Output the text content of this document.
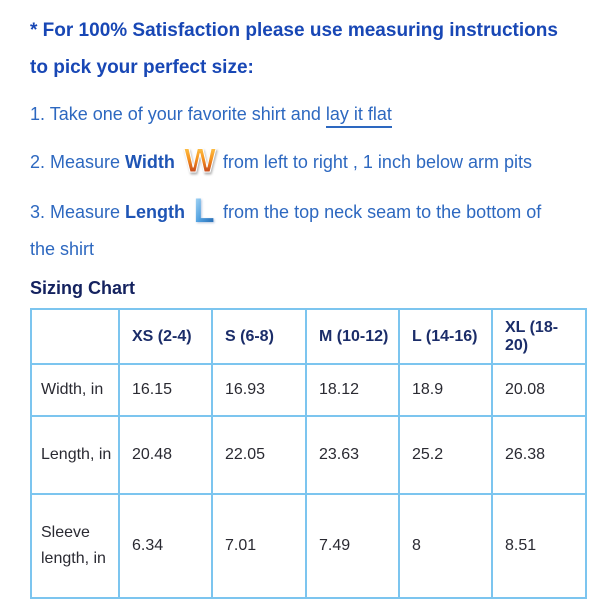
* For 100% Satisfaction please use measuring instructions
to pick your perfect size:
1. Take one of your favorite shirt and lay it flat
2. Measure Width W from left to right , 1 inch below arm pits
3. Measure Length L from the top neck seam to the bottom of
the shirt
Sizing Chart
	XS (2-4)	S (6-8)	M (10-12)	L (14-16)	XL (18-20)
Width, in	16.15	16.93	18.12	18.9	20.08
Length, in	20.48	22.05	23.63	25.2	26.38
Sleeve length, in	6.34	7.01	7.49	8	8.51
